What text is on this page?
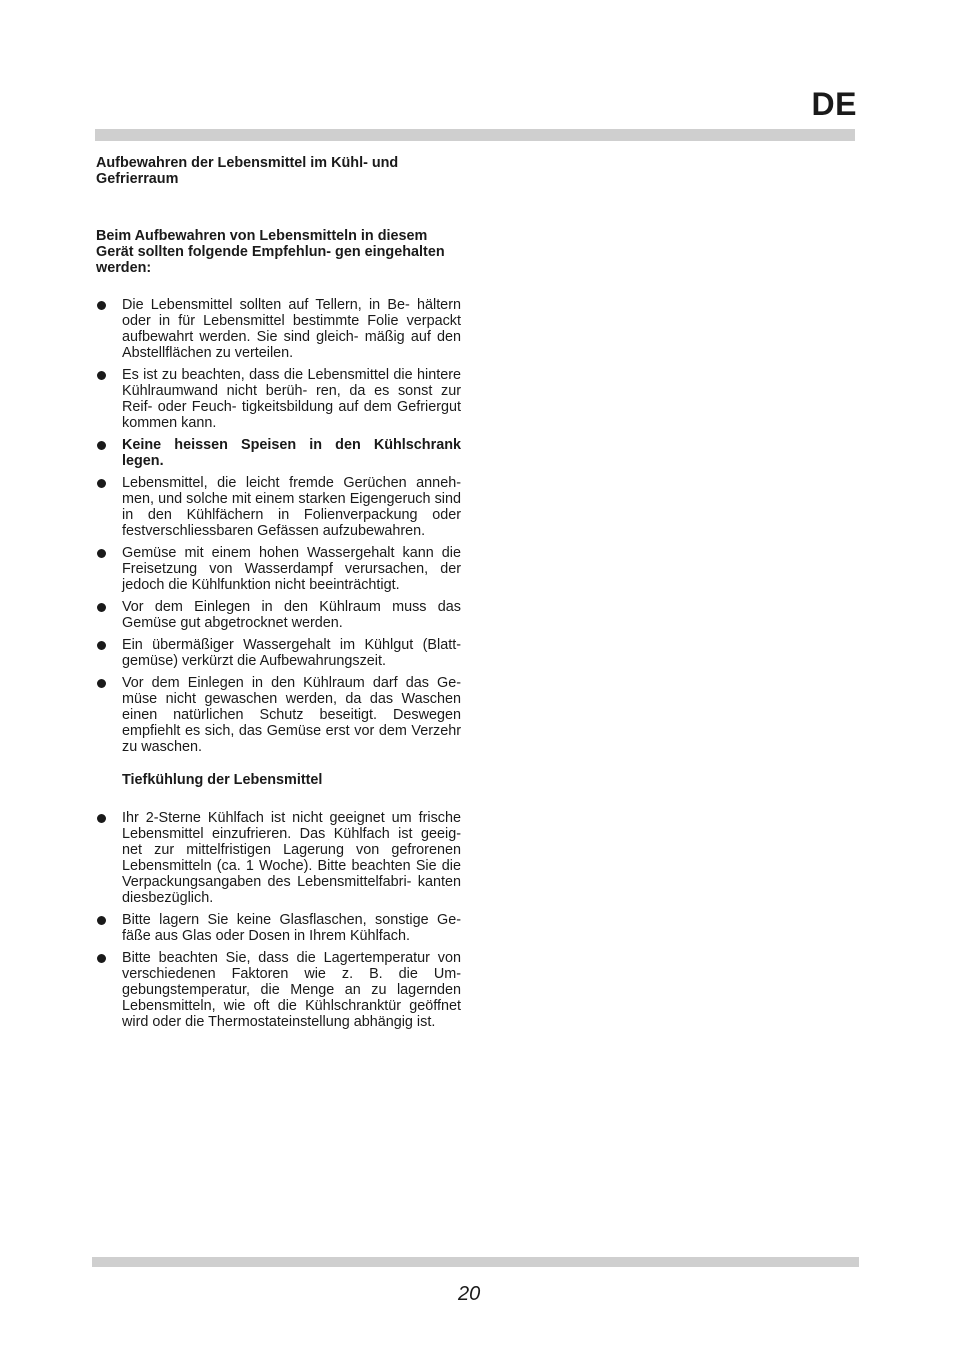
DE
Aufbewahren der Lebensmittel im Kühl- und Gefrierraum

Beim Aufbewahren von Lebensmitteln in diesem Gerät sollten folgende Empfehlun- gen eingehalten werden:

Die Lebensmittel sollten auf Tellern, in Be- hältern oder in für Lebensmittel bestimmte Folie verpackt aufbewahrt werden. Sie sind gleich- mäßig auf den Abstellflächen zu verteilen.
Es ist zu beachten, dass die Lebensmittel die hintere Kühlraumwand nicht berüh- ren, da es sonst zur Reif- oder Feuch- tigkeitsbildung auf dem Gefriergut kommen kann.
Keine heissen Speisen in den Kühlschrank legen.
Lebensmittel, die leicht fremde Gerüchen anneh- men, und solche mit einem starken Eigengeruch sind in den Kühlfächern in Folienverpackung oder festverschliessbaren Gefässen aufzubewahren.
Gemüse mit einem hohen Wassergehalt kann die Freisetzung von Wasserdampf verursachen, der jedoch die Kühlfunktion nicht beeinträchtigt.
Vor dem Einlegen in den Kühlraum muss das Gemüse gut abgetrocknet werden.
Ein übermäßiger Wassergehalt im Kühlgut (Blatt- gemüse) verkürzt die Aufbewahrungszeit.
Vor dem Einlegen in den Kühlraum darf das Ge- müse nicht gewaschen werden, da das Waschen einen natürlichen Schutz beseitigt. Deswegen empfiehlt es sich, das Gemüse erst vor dem Verzehr zu waschen.

Tiefkühlung der Lebensmittel

Ihr 2-Sterne Kühlfach ist nicht geeignet um frische Lebensmittel einzufrieren. Das Kühlfach ist geeig- net zur mittelfristigen Lagerung von gefrorenen Lebensmitteln (ca. 1 Woche). Bitte beachten Sie die Verpackungsangaben des Lebensmittelfabri- kanten diesbezüglich.
Bitte lagern Sie keine Glasflaschen, sonstige Ge- fäße aus Glas oder Dosen in Ihrem Kühlfach.
Bitte beachten Sie, dass die Lagertemperatur von verschiedenen Faktoren wie z. B. die Um- gebungstemperatur, die Menge an zu lagernden Lebensmitteln, wie oft die Kühlschranktür geöffnet wird oder die Thermostateinstellung abhängig ist.
20
